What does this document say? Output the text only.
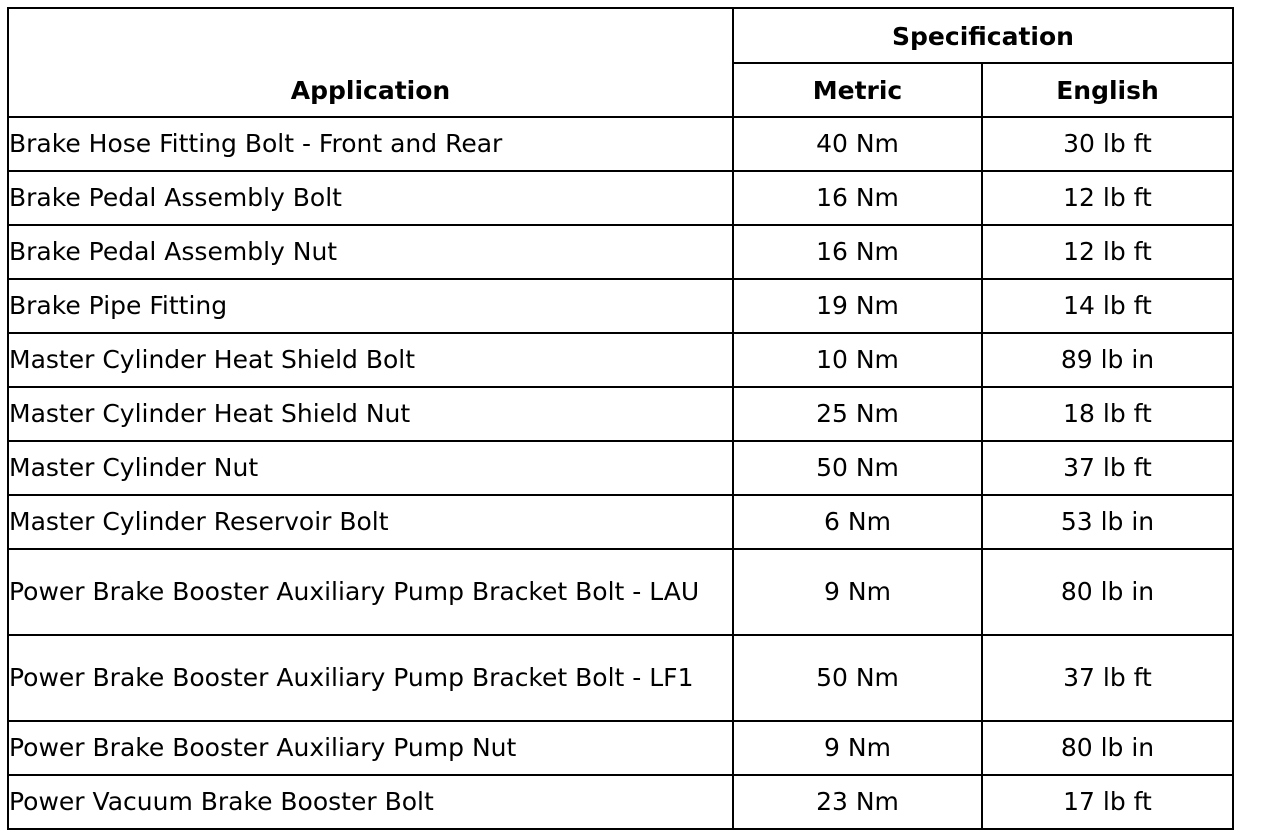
Application	Specification	
	Metric	English
Brake Hose Fitting Bolt - Front and Rear	40 Nm	30 lb ft
Brake Pedal Assembly Bolt	16 Nm	12 lb ft
Brake Pedal Assembly Nut	16 Nm	12 lb ft
Brake Pipe Fitting	19 Nm	14 lb ft
Master Cylinder Heat Shield Bolt	10 Nm	89 lb in
Master Cylinder Heat Shield Nut	25 Nm	18 lb ft
Master Cylinder Nut	50 Nm	37 lb ft
Master Cylinder Reservoir Bolt	6 Nm	53 lb in
Power Brake Booster Auxiliary Pump Bracket Bolt - LAU	9 Nm	80 lb in
Power Brake Booster Auxiliary Pump Bracket Bolt - LF1	50 Nm	37 lb ft
Power Brake Booster Auxiliary Pump Nut	9 Nm	80 lb in
Power Vacuum Brake Booster Bolt	23 Nm	17 lb ft
